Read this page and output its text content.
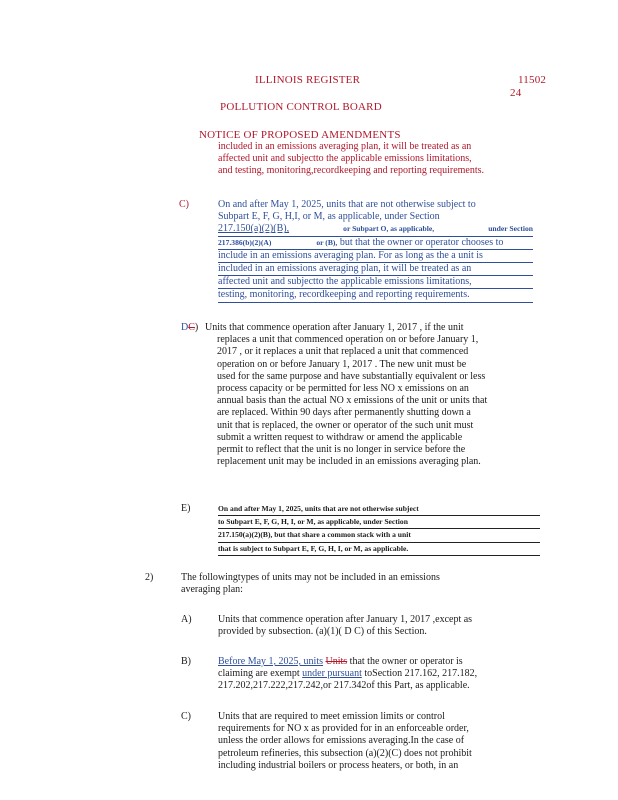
ILLINOIS REGISTER	11502
24
POLLUTION CONTROL BOARD
NOTICE OF PROPOSED AMENDMENTS
included in an emissions averaging plan, it will be treated as an
affected unit and subjectto the applicable emissions limitations,
and testing, monitoring,recordkeeping and reporting requirements.
C)	On and after May 1, 2025, units that are not otherwise subject to
Subpart E, F, G, H,I, or M, as applicable, under Section
217.150(a)(2)(B),	or Subpart O, as applicable,	under Section
217.386(b)(2)(A)	or (B), but that the owner or operator chooses to
include in an emissions averaging plan. For as long as the a unit is
included in an emissions averaging plan, it will be treated as an
affected unit and subjectto the applicable emissions limitations,
testing, monitoring, recordkeeping and reporting requirements.
DC) Units that commence operation after January 1, 2017 , if the unit
replaces a unit that commenced operation on or before January 1,
2017 , or it replaces a unit that replaced a unit that commenced
operation on or before January 1, 2017 . The new unit must be
used for the same purpose and have substantially equivalent or less
process capacity or be permitted for less NO x emissions on an
annual basis than the actual NO x emissions of the unit or units that
are replaced. Within 90 days after permanently shutting down a
unit that is replaced, the owner or operator of the such unit must
submit a written request to withdraw or amend the applicable
permit to reflect that the unit is no longer in service before the
replacement unit may be included in an emissions averaging plan.
E)	On and after May 1, 2025, units that are not otherwise subject
to Subpart E, F, G, H, I, or M, as applicable, under Section
217.150(a)(2)(B), but that share a common stack with a unit
that is subject to Subpart E, F, G, H, I, or M, as applicable.
2)	The followingtypes of units may not be included in an emissions
averaging plan:
A)	Units that commence operation after January 1, 2017 ,except as
provided by subsection. (a)(1)( D C) of this Section.
B)	Before May 1, 2025, units Units that the owner or operator is
claiming are exempt under pursuant toSection 217.162, 217.182,
217.202,217.222,217.242,or 217.342of this Part, as applicable.
C)	Units that are required to meet emission limits or control
requirements for NO x as provided for in an enforceable order,
unless the order allows for emissions averaging.In the case of
petroleum refineries, this subsection (a)(2)(C) does not prohibit
including industrial boilers or process heaters, or both, in an
